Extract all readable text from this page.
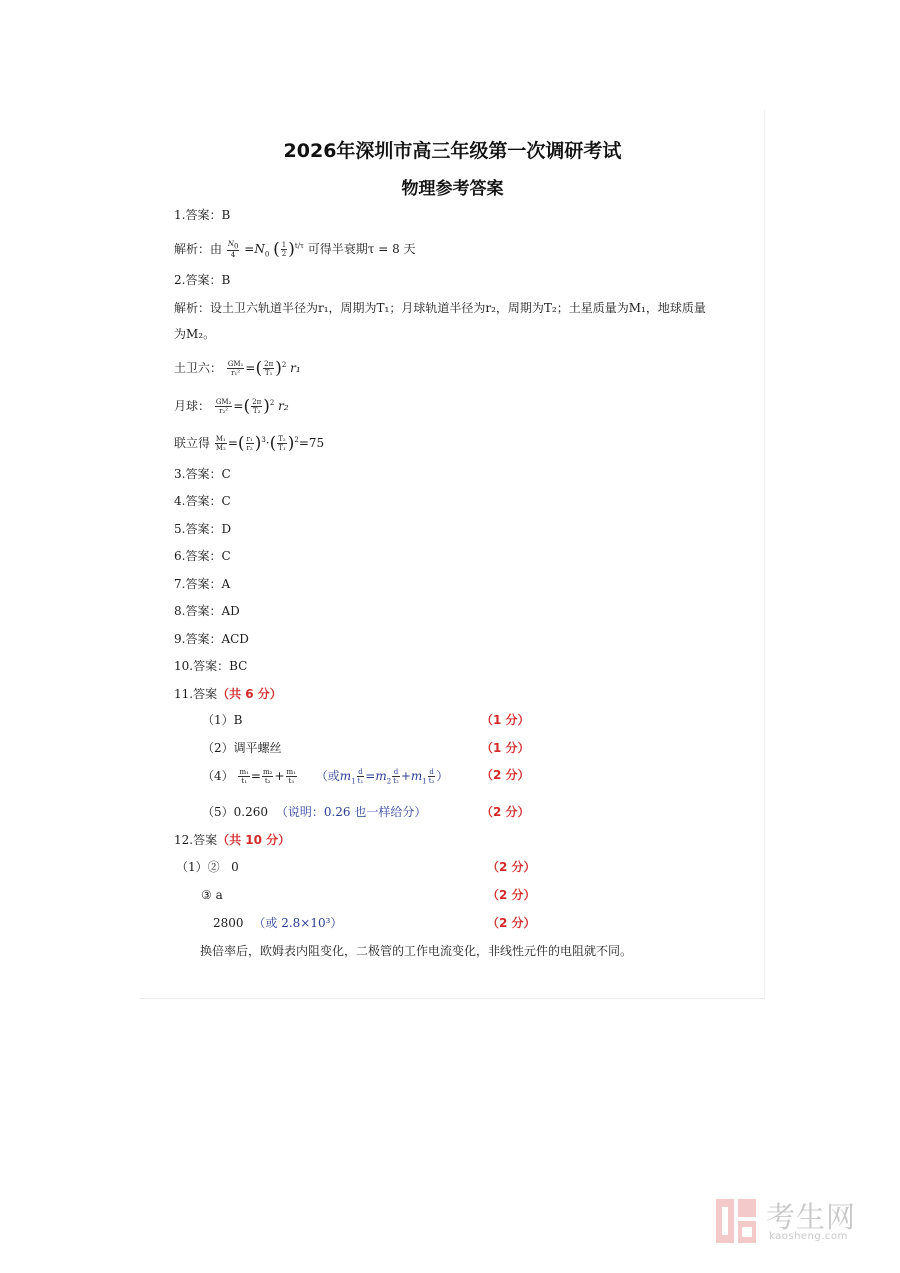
2026年深圳市高三年级第一次调研考试
物理参考答案
1.答案：B
解析：由 $\frac{N_0}{4} =N_0$ ( $\frac{1}{2} )^{t/\tau}$ 可得半衰期τ = 8 天
2.答案：B
解析：设土卫六轨道半径为r₁，周期为T₁；月球轨道半径为r₂，周期为T₂；土星质量为M₁，地球质量
为M₂。
土卫六： $\frac{\text{GM₁}}{\text{r₁²}}$ =( $\frac{2\pi}{\text{T₁}} )^2$ r₁
月球： $\frac{\text{GM₂}}{\text{r₂²}}$ =( $\frac{2\pi}{\text{T₂}} )^2$ r₂
联立得 $\frac{\text{M₁}}{\text{M₂}}$ =( $\frac{\text{r₁}}{\text{r₂}} )^3\cdot( \frac{\text{T₂}}{\text{T₁}} )^2=75$
3.答案：C
4.答案：C
5.答案：D
6.答案：C
7.答案：A
8.答案：AD
9.答案：ACD
10.答案：BC
11.答案（共 6 分）
（1）B	（1 分）
（2）调平螺丝	（1 分）
$(4) \frac{\text{m₁}}{\text{t₁}} = \frac{\text{m₂}}{\text{t₂}} + \frac{\text{m₁}}{\text{t₃}}$ （或$m_1 \frac{d}{\text{t₁}} =m_2 \frac{d}{\text{t₂}} +m_1 \frac{d}{\text{t₃}}$ ）	（2 分）
（5）0.260 （说明：0.26 也一样给分）	（2 分）
12.答案（共 10 分）
（1）②   0	（2 分）
③ a	（2 分）
2800 （或 2.8×10³）	（2 分）
换倍率后，欧姆表内阻变化，二极管的工作电流变化，非线性元件的电阻就不同。
考生网
kaosheng.com
